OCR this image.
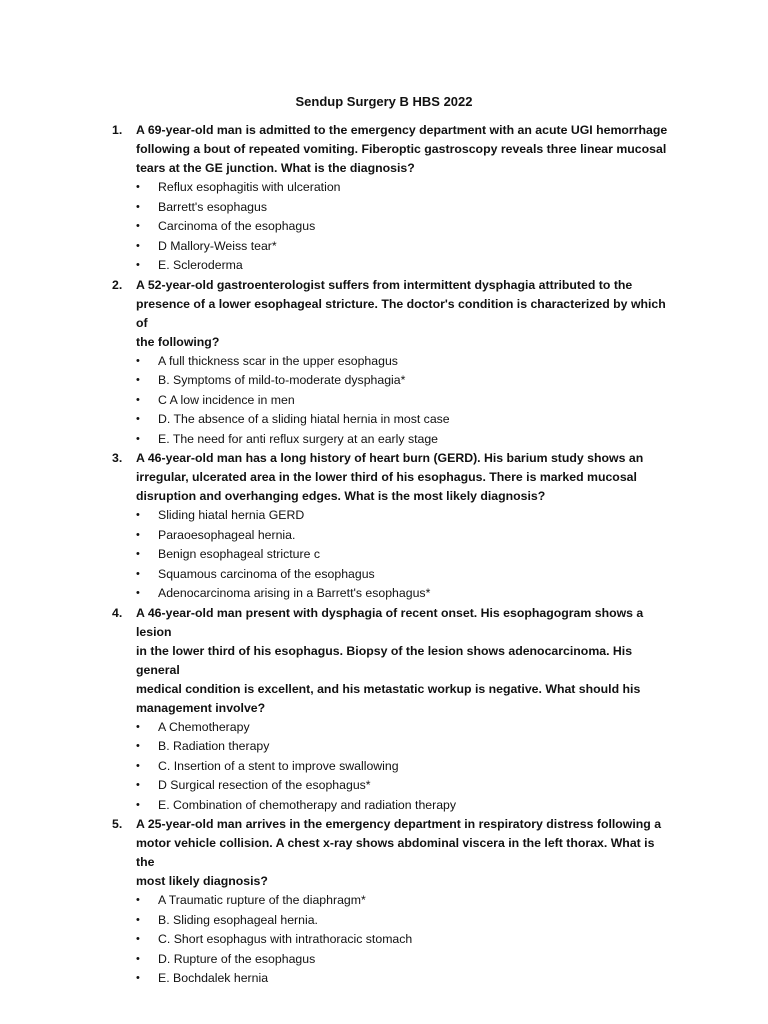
Sendup Surgery B HBS 2022
1. A 69-year-old man is admitted to the emergency department with an acute UGI hemorrhage
following a bout of repeated vomiting. Fiberoptic gastroscopy reveals three linear mucosal
tears at the GE junction. What is the diagnosis?
• Reflux esophagitis with ulceration
• Barrett's esophagus
• Carcinoma of the esophagus
• D Mallory-Weiss tear*
• E. Scleroderma
2. A 52-year-old gastroenterologist suffers from intermittent dysphagia attributed to the
presence of a lower esophageal stricture. The doctor's condition is characterized by which of
the following?
• A full thickness scar in the upper esophagus
• B. Symptoms of mild-to-moderate dysphagia*
• C A low incidence in men
• D. The absence of a sliding hiatal hernia in most case
• E. The need for anti reflux surgery at an early stage
3. A 46-year-old man has a long history of heart burn (GERD). His barium study shows an
irregular, ulcerated area in the lower third of his esophagus. There is marked mucosal
disruption and overhanging edges. What is the most likely diagnosis?
• Sliding hiatal hernia GERD
• Paraoesophageal hernia.
• Benign esophageal stricture c
• Squamous carcinoma of the esophagus
• Adenocarcinoma arising in a Barrett's esophagus*
4. A 46-year-old man present with dysphagia of recent onset. His esophagogram shows a lesion
in the lower third of his esophagus. Biopsy of the lesion shows adenocarcinoma. His general
medical condition is excellent, and his metastatic workup is negative. What should his
management involve?
• A Chemotherapy
• B. Radiation therapy
• C. Insertion of a stent to improve swallowing
• D Surgical resection of the esophagus*
• E. Combination of chemotherapy and radiation therapy
5. A 25-year-old man arrives in the emergency department in respiratory distress following a
motor vehicle collision. A chest x-ray shows abdominal viscera in the left thorax. What is the
most likely diagnosis?
• A Traumatic rupture of the diaphragm*
• B. Sliding esophageal hernia.
• C. Short esophagus with intrathoracic stomach
• D. Rupture of the esophagus
• E. Bochdalek hernia
